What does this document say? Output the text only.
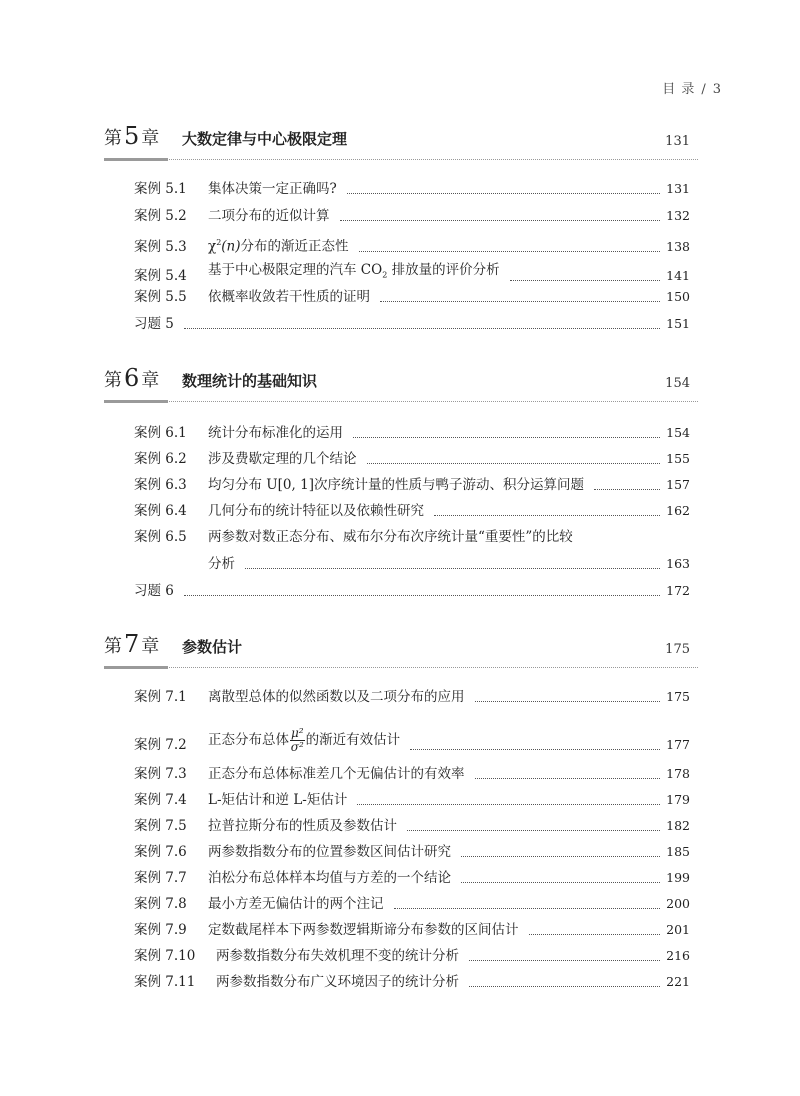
目 录 / 3
第5 章 大数定律与中心极限定理	131
案例 5.1	集体决策一定正确吗?	131
案例 5.2	二项分布的近似计算	132
案例 5.3	$\chi^2(n)$分布的渐近正态性	138
案例 5.4	基于中心极限定理的汽车 $CO_2$ 排放量的评价分析	141
案例 5.5	依概率收敛若干性质的证明	150
习题 5	151
第6 章 数理统计的基础知识	154
案例 6.1	统计分布标准化的运用	154
案例 6.2	涉及费歇定理的几个结论	155
案例 6.3	均匀分布 U[0, 1]次序统计量的性质与鸭子游动、积分运算问题	157
案例 6.4	几何分布的统计特征以及依赖性研究	162
案例 6.5	两参数对数正态分布、威布尔分布次序统计量“重要性”的比较
分析	163
习题 6	172
第7 章 参数估计	175
案例 7.1	离散型总体的似然函数以及二项分布的应用	175
案例 7.2	正态分布总体 $\frac{\text{μ²}}{\text{σ²}}$ 的渐近有效估计	177
案例 7.3	正态分布总体标准差几个无偏估计的有效率	178
案例 7.4	L-矩估计和逆 L-矩估计	179
案例 7.5	拉普拉斯分布的性质及参数估计	182
案例 7.6	两参数指数分布的位置参数区间估计研究	185
案例 7.7	泊松分布总体样本均值与方差的一个结论	199
案例 7.8	最小方差无偏估计的两个注记	200
案例 7.9	定数截尾样本下两参数逻辑斯谛分布参数的区间估计	201
案例 7.10	两参数指数分布失效机理不变的统计分析	216
案例 7.11	两参数指数分布广义环境因子的统计分析	221
